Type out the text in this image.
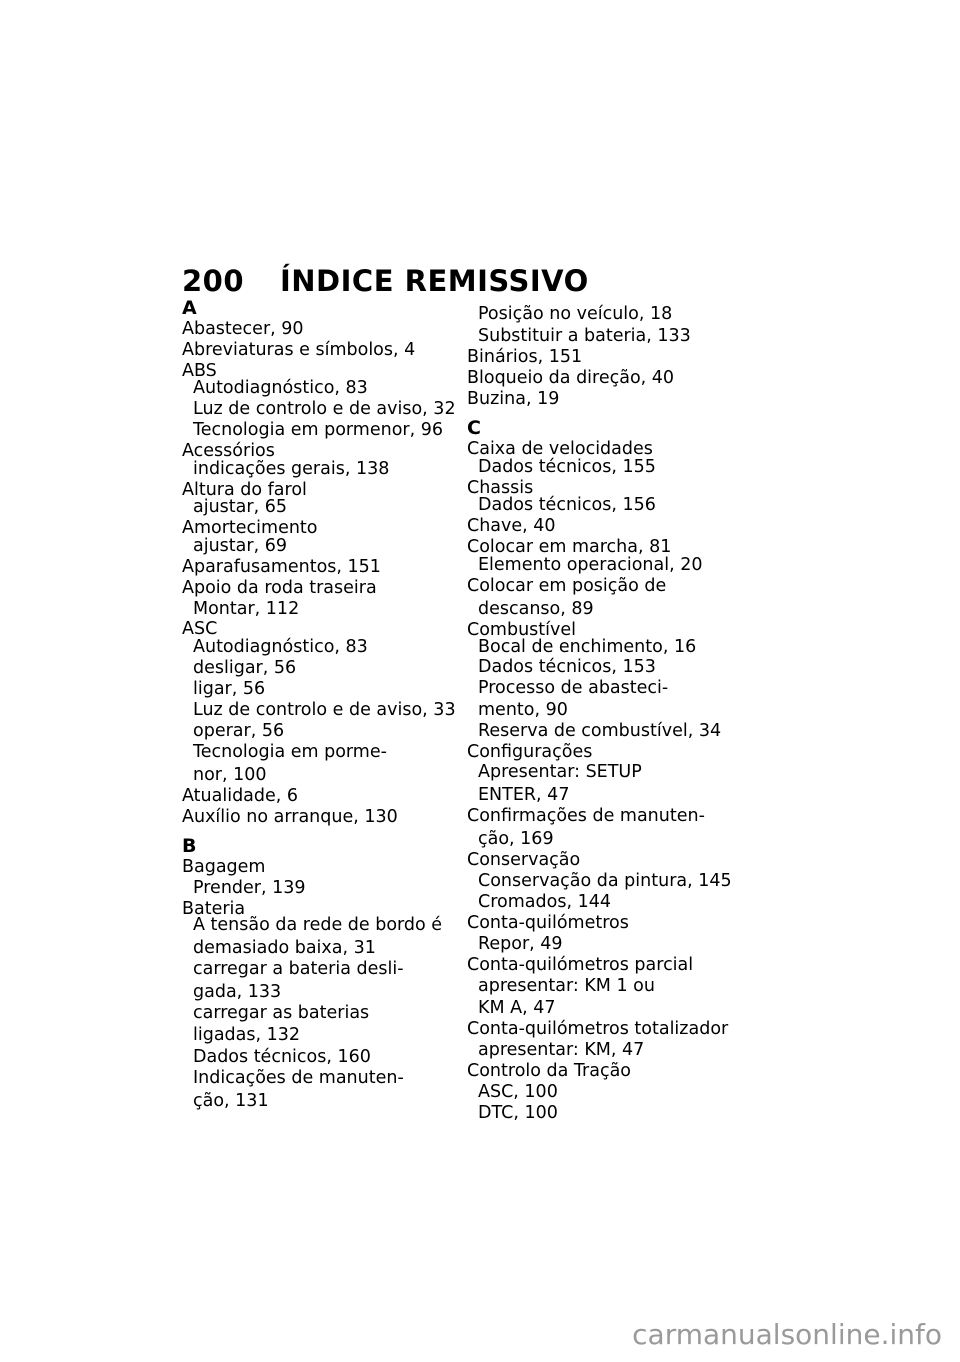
200 ÍNDICE REMISSIVO
A
Abastecer, 90
Abreviaturas e símbolos, 4
ABS
Autodiagnóstico, 83
Luz de controlo e de aviso, 32
Tecnologia em pormenor, 96
Acessórios
indicações gerais, 138
Altura do farol
ajustar, 65
Amortecimento
ajustar, 69
Aparafusamentos, 151
Apoio da roda traseira
Montar, 112
ASC
Autodiagnóstico, 83
desligar, 56
ligar, 56
Luz de controlo e de aviso, 33
operar, 56
Tecnologia em porme-
nor, 100
Atualidade, 6
Auxílio no arranque, 130
B
Bagagem
Prender, 139
Bateria
A tensão da rede de bordo é
demasiado baixa, 31
carregar a bateria desli-
gada, 133
carregar as baterias
ligadas, 132
Dados técnicos, 160
Indicações de manuten-
ção, 131
Posição no veículo, 18
Substituir a bateria, 133
Binários, 151
Bloqueio da direção, 40
Buzina, 19
C
Caixa de velocidades
Dados técnicos, 155
Chassis
Dados técnicos, 156
Chave, 40
Colocar em marcha, 81
Elemento operacional, 20
Colocar em posição de
descanso, 89
Combustível
Bocal de enchimento, 16
Dados técnicos, 153
Processo de abasteci-
mento, 90
Reserva de combustível, 34
Configurações
Apresentar: SETUP
ENTER, 47
Confirmações de manuten-
ção, 169
Conservação
Conservação da pintura, 145
Cromados, 144
Conta-quilómetros
Repor, 49
Conta-quilómetros parcial
apresentar: KM 1 ou
KM A, 47
Conta-quilómetros totalizador
apresentar: KM, 47
Controlo da Tração
ASC, 100
DTC, 100
carmanualsonline.info
